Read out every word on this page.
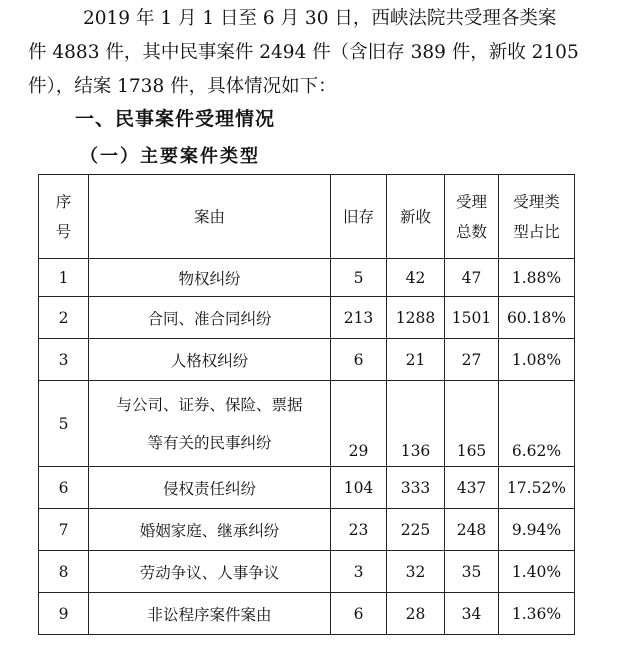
2019 年 1 月 1 日至 6 月 30 日，西峡法院共受理各类案
件 4883 件，其中民事案件 2494 件（含旧存 389 件，新收 2105
件），结案 1738 件，具体情况如下：
一、民事案件受理情况
（一）主要案件类型
序
号	案由	旧存	新收	受理
总数	受理类
型占比
1	物权纠纷	5	42	47	1.88%
2	合同、准合同纠纷	213	1288	1501	60.18%
3	人格权纠纷	6	21	27	1.08%
5	与公司、证券、保险、票据
等有关的民事纠纷	29	136	165	6.62%
6	侵权责任纠纷	104	333	437	17.52%
7	婚姻家庭、继承纠纷	23	225	248	9.94%
8	劳动争议、人事争议	3	32	35	1.40%
9	非讼程序案件案由	6	28	34	1.36%
